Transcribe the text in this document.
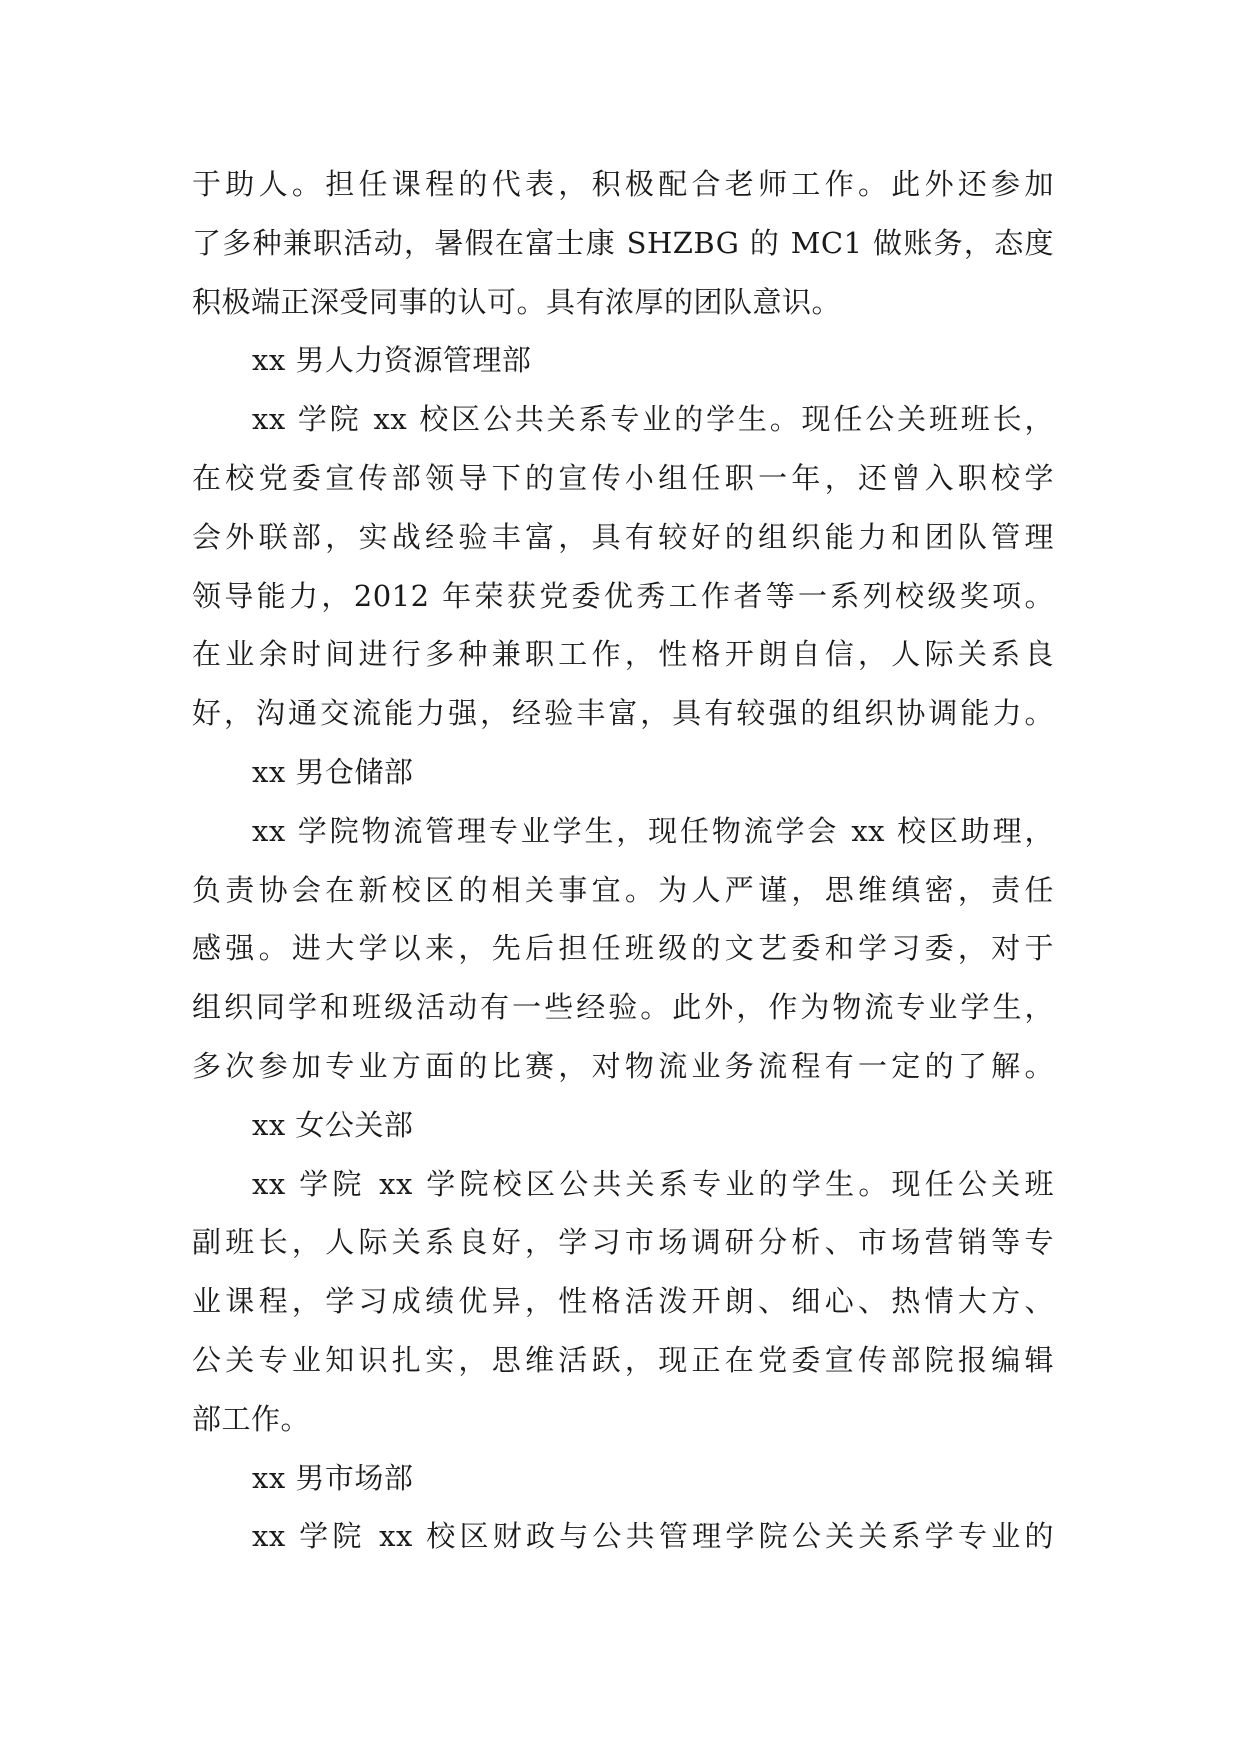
于助人。担任课程的代表，积极配合老师工作。此外还参加
了多种兼职活动，暑假在富士康 SHZBG 的 MC1 做账务，态度
积极端正深受同事的认可。具有浓厚的团队意识。
xx 男人力资源管理部
xx 学院 xx 校区公共关系专业的学生。现任公关班班长，
在校党委宣传部领导下的宣传小组任职一年，还曾入职校学
会外联部，实战经验丰富，具有较好的组织能力和团队管理
领导能力，2012 年荣获党委优秀工作者等一系列校级奖项。
在业余时间进行多种兼职工作，性格开朗自信，人际关系良
好，沟通交流能力强，经验丰富，具有较强的组织协调能力。
xx 男仓储部
xx 学院物流管理专业学生，现任物流学会 xx 校区助理，
负责协会在新校区的相关事宜。为人严谨，思维缜密，责任
感强。进大学以来，先后担任班级的文艺委和学习委，对于
组织同学和班级活动有一些经验。此外，作为物流专业学生，
多次参加专业方面的比赛，对物流业务流程有一定的了解。
xx 女公关部
xx 学院 xx 学院校区公共关系专业的学生。现任公关班
副班长，人际关系良好，学习市场调研分析、市场营销等专
业课程，学习成绩优异，性格活泼开朗、细心、热情大方、
公关专业知识扎实，思维活跃，现正在党委宣传部院报编辑
部工作。
xx 男市场部
xx 学院 xx 校区财政与公共管理学院公关关系学专业的
